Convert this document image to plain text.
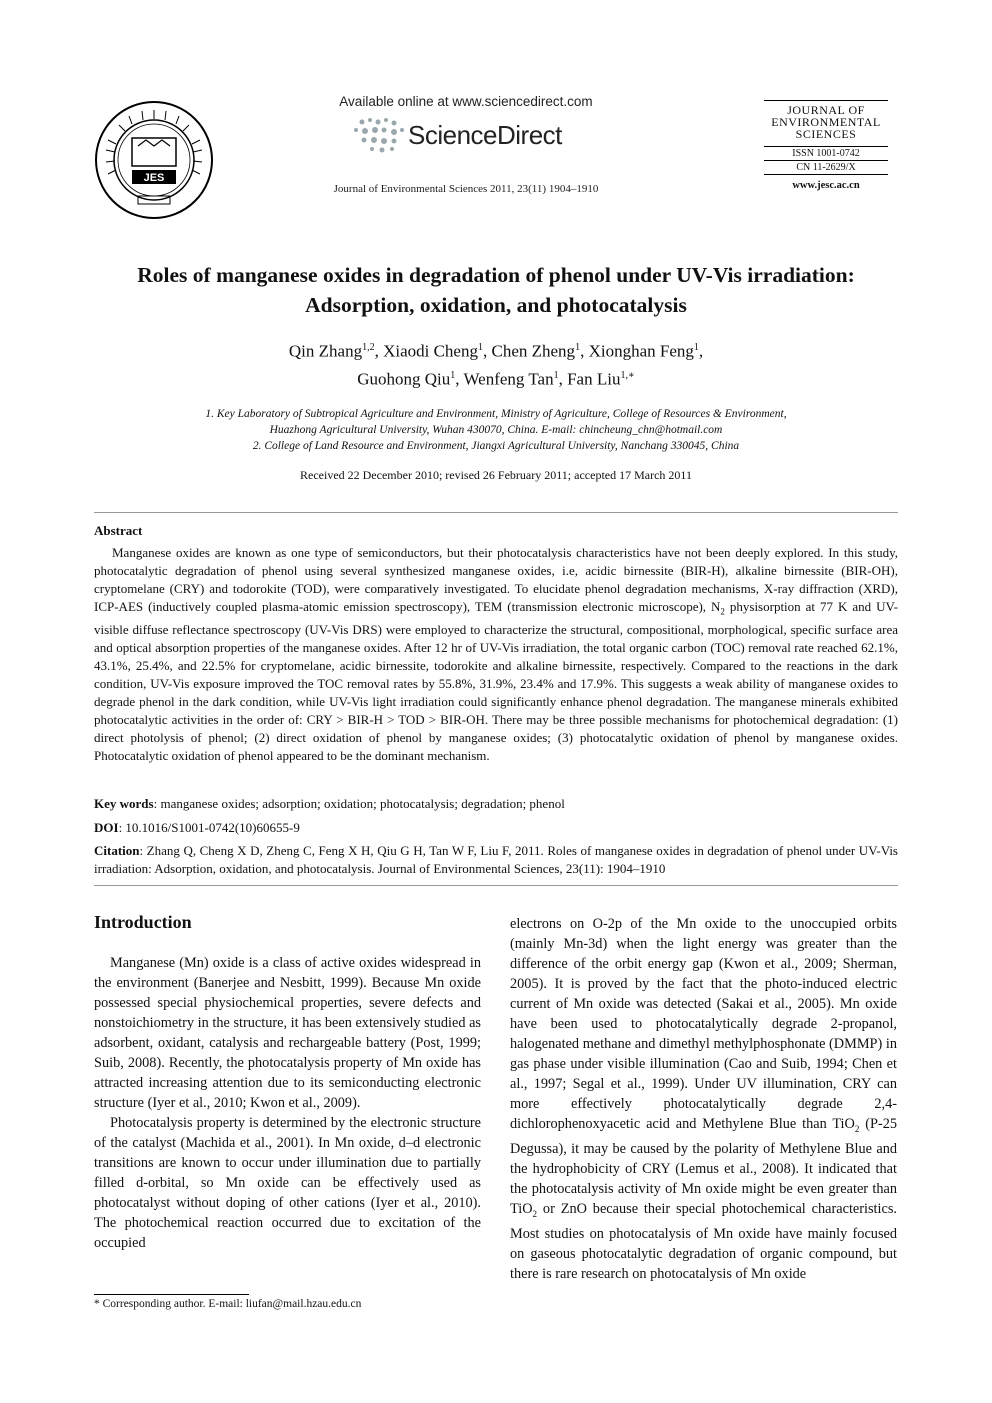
JES
Available online at www.sciencedirect.com
ScienceDirect
Journal of Environmental Sciences 2011, 23(11) 1904–1910
JOURNAL OF
ENVIRONMENTAL
SCIENCES
ISSN 1001-0742
CN 11-2629/X
www.jesc.ac.cn
Roles of manganese oxides in degradation of phenol under UV-Vis irradiation:
Adsorption, oxidation, and photocatalysis
Qin Zhang$^{1,2}$, Xiaodi Cheng$^1$, Chen Zheng$^1$, Xionghan Feng$^1$,
Guohong Qiu$^1$, Wenfeng Tan$^1$, Fan Liu$^{1,∗}$
1. Key Laboratory of Subtropical Agriculture and Environment, Ministry of Agriculture, College of Resources & Environment,
Huazhong Agricultural University, Wuhan 430070, China. E-mail: chincheung_chn@hotmail.com
2. College of Land Resource and Environment, Jiangxi Agricultural University, Nanchang 330045, China
Received 22 December 2010; revised 26 February 2011; accepted 17 March 2011
Abstract
Manganese oxides are known as one type of semiconductors, but their photocatalysis characteristics have not been deeply explored. In this study, photocatalytic degradation of phenol using several synthesized manganese oxides, i.e, acidic birnessite (BIR-H), alkaline birnessite (BIR-OH), cryptomelane (CRY) and todorokite (TOD), were comparatively investigated. To elucidate phenol degradation mechanisms, X-ray diffraction (XRD), ICP-AES (inductively coupled plasma-atomic emission spectroscopy), TEM (transmission electronic microscope), $N_2$ physisorption at 77 K and UV-visible diffuse reflectance spectroscopy (UV-Vis DRS) were employed to characterize the structural, compositional, morphological, specific surface area and optical absorption properties of the manganese oxides. After 12 hr of UV-Vis irradiation, the total organic carbon (TOC) removal rate reached 62.1%, 43.1%, 25.4%, and 22.5% for cryptomelane, acidic birnessite, todorokite and alkaline birnessite, respectively. Compared to the reactions in the dark condition, UV-Vis exposure improved the TOC removal rates by 55.8%, 31.9%, 23.4% and 17.9%. This suggests a weak ability of manganese oxides to degrade phenol in the dark condition, while UV-Vis light irradiation could significantly enhance phenol degradation. The manganese minerals exhibited photocatalytic activities in the order of: CRY > BIR-H > TOD > BIR-OH. There may be three possible mechanisms for photochemical degradation: (1) direct photolysis of phenol; (2) direct oxidation of phenol by manganese oxides; (3) photocatalytic oxidation of phenol by manganese oxides. Photocatalytic oxidation of phenol appeared to be the dominant mechanism.
Key words: manganese oxides; adsorption; oxidation; photocatalysis; degradation; phenol
DOI: 10.1016/S1001-0742(10)60655-9
Citation: Zhang Q, Cheng X D, Zheng C, Feng X H, Qiu G H, Tan W F, Liu F, 2011. Roles of manganese oxides in degradation of phenol under UV-Vis irradiation: Adsorption, oxidation, and photocatalysis. Journal of Environmental Sciences, 23(11): 1904–1910
Introduction

Manganese (Mn) oxide is a class of active oxides widespread in the environment (Banerjee and Nesbitt, 1999). Because Mn oxide possessed special physiochemical properties, severe defects and nonstoichiometry in the structure, it has been extensively studied as adsorbent, oxidant, catalysis and rechargeable battery (Post, 1999; Suib, 2008). Recently, the photocatalysis property of Mn oxide has attracted increasing attention due to its semiconducting electronic structure (Iyer et al., 2010; Kwon et al., 2009).

Photocatalysis property is determined by the electronic structure of the catalyst (Machida et al., 2001). In Mn oxide, d–d electronic transitions are known to occur under illumination due to partially filled d-orbital, so Mn oxide can be effectively used as photocatalyst without doping of other cations (Iyer et al., 2010). The photochemical reaction occurred due to excitation of the occupied

electrons on O-2p of the Mn oxide to the unoccupied orbits (mainly Mn-3d) when the light energy was greater than the difference of the orbit energy gap (Kwon et al., 2009; Sherman, 2005). It is proved by the fact that the photo-induced electric current of Mn oxide was detected (Sakai et al., 2005). Mn oxide have been used to photocatalytically degrade 2-propanol, halogenated methane and dimethyl methylphosphonate (DMMP) in gas phase under visible illumination (Cao and Suib, 1994; Chen et al., 1997; Segal et al., 1999). Under UV illumination, CRY can more effectively photocatalytically degrade 2,4-dichlorophenoxyacetic acid and Methylene Blue than TiO$_2$ (P-25 Degussa), it may be caused by the polarity of Methylene Blue and the hydrophobicity of CRY (Lemus et al., 2008). It indicated that the photocatalysis activity of Mn oxide might be even greater than TiO$_2$ or ZnO because their special photochemical characteristics. Most studies on photocatalysis of Mn oxide have mainly focused on gaseous photocatalytic degradation of organic compound, but there is rare research on photocatalysis of Mn oxide

* Corresponding author. E-mail: liufan@mail.hzau.edu.cn
